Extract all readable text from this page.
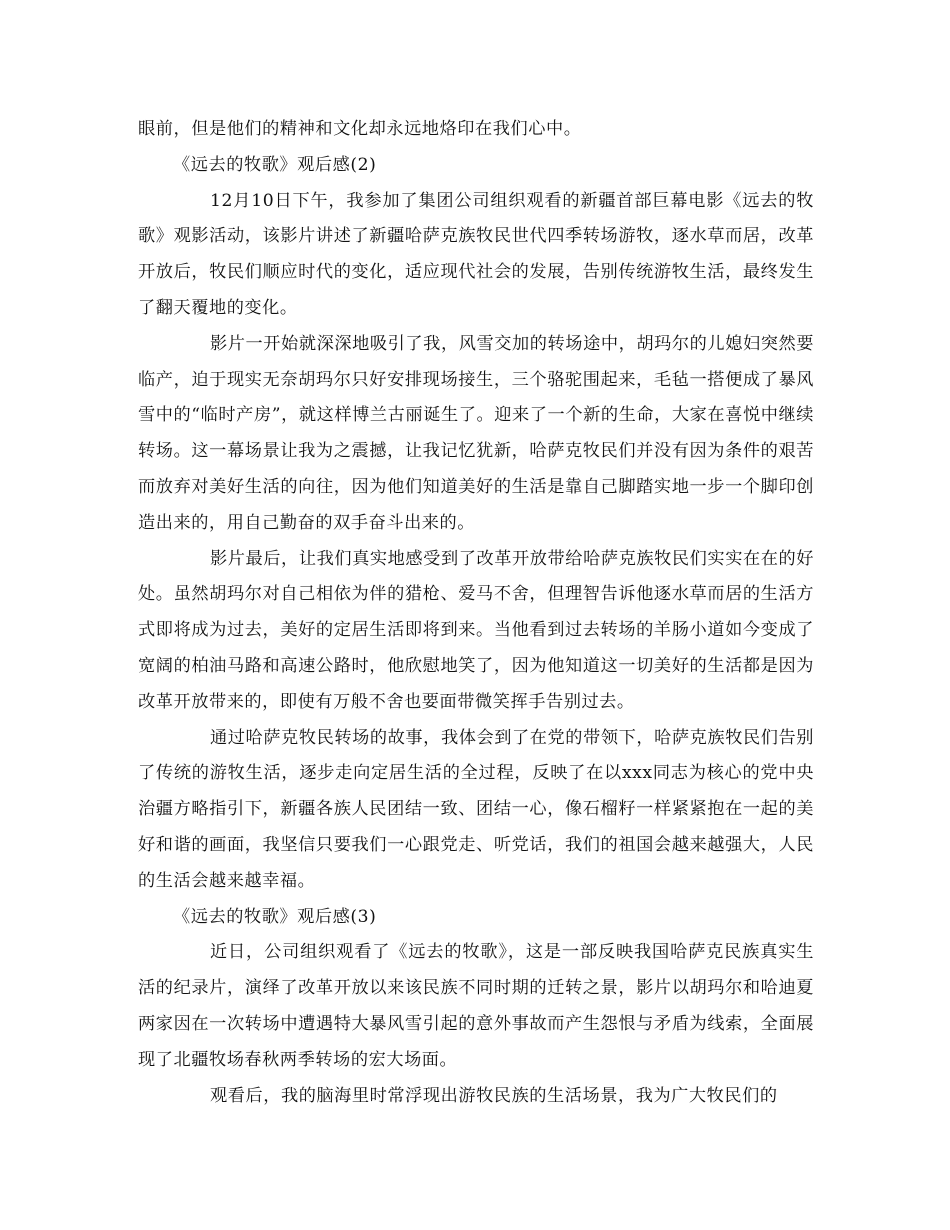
眼前，但是他们的精神和文化却永远地烙印在我们心中。

《远去的牧歌》观后感(2)

12月10日下午，我参加了集团公司组织观看的新疆首部巨幕电影《远去的牧歌》观影活动，该影片讲述了新疆哈萨克族牧民世代四季转场游牧，逐水草而居，改革开放后，牧民们顺应时代的变化，适应现代社会的发展，告别传统游牧生活，最终发生了翻天覆地的变化。

影片一开始就深深地吸引了我，风雪交加的转场途中，胡玛尔的儿媳妇突然要临产，迫于现实无奈胡玛尔只好安排现场接生，三个骆驼围起来，毛毡一搭便成了暴风雪中的“临时产房”，就这样博兰古丽诞生了。迎来了一个新的生命，大家在喜悦中继续转场。这一幕场景让我为之震撼，让我记忆犹新，哈萨克牧民们并没有因为条件的艰苦而放弃对美好生活的向往，因为他们知道美好的生活是靠自己脚踏实地一步一个脚印创造出来的，用自己勤奋的双手奋斗出来的。

影片最后，让我们真实地感受到了改革开放带给哈萨克族牧民们实实在在的好处。虽然胡玛尔对自己相依为伴的猎枪、爱马不舍，但理智告诉他逐水草而居的生活方式即将成为过去，美好的定居生活即将到来。当他看到过去转场的羊肠小道如今变成了宽阔的柏油马路和高速公路时，他欣慰地笑了，因为他知道这一切美好的生活都是因为改革开放带来的，即使有万般不舍也要面带微笑挥手告别过去。

通过哈萨克牧民转场的故事，我体会到了在党的带领下，哈萨克族牧民们告别了传统的游牧生活，逐步走向定居生活的全过程，反映了在以xxx同志为核心的党中央治疆方略指引下，新疆各族人民团结一致、团结一心，像石榴籽一样紧紧抱在一起的美好和谐的画面，我坚信只要我们一心跟党走、听党话，我们的祖国会越来越强大，人民的生活会越来越幸福。

《远去的牧歌》观后感(3)

近日，公司组织观看了《远去的牧歌》，这是一部反映我国哈萨克民族真实生活的纪录片，演绎了改革开放以来该民族不同时期的迁转之景，影片以胡玛尔和哈迪夏两家因在一次转场中遭遇特大暴风雪引起的意外事故而产生怨恨与矛盾为线索，全面展现了北疆牧场春秋两季转场的宏大场面。

观看后，我的脑海里时常浮现出游牧民族的生活场景，我为广大牧民们的
